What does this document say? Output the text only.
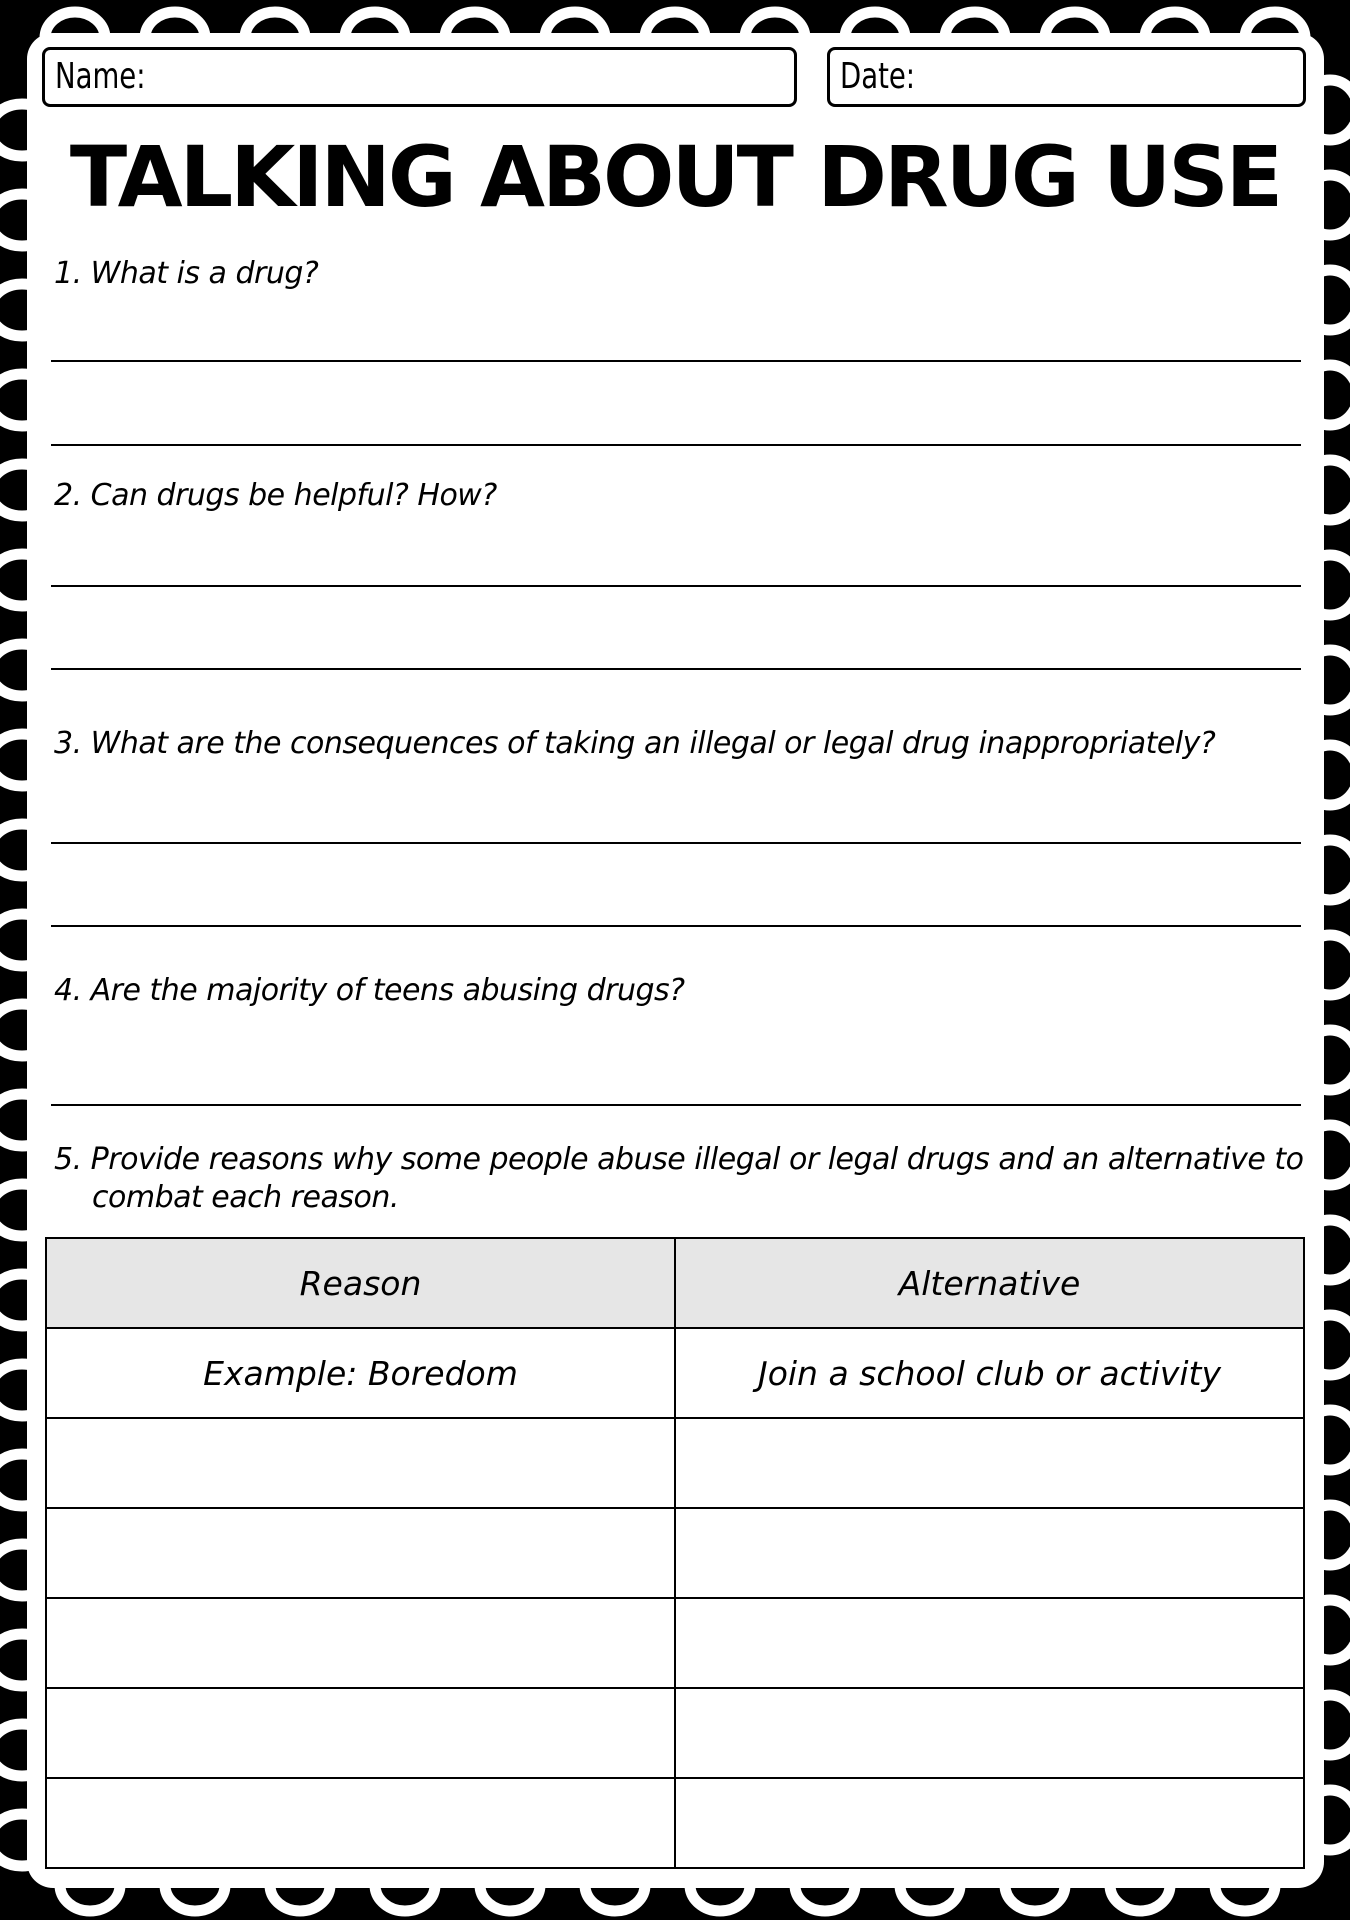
Name:	Date:
TALKING ABOUT DRUG USE
1. What is a drug?
2. Can drugs be helpful? How?
3. What are the consequences of taking an illegal or legal drug inappropriately?
4. Are the majority of teens abusing drugs?
5. Provide reasons why some people abuse illegal or legal drugs and an alternative to
combat each reason.
Reason	Alternative
Example: Boredom	Join a school club or activity
